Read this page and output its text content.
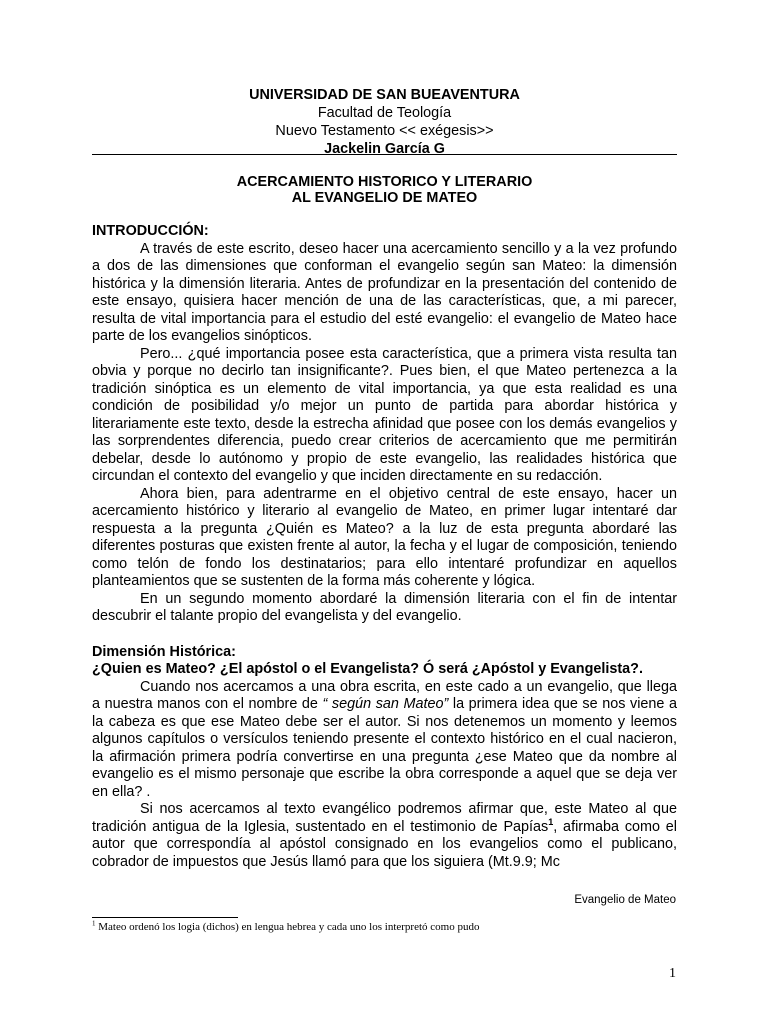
UNIVERSIDAD DE SAN BUEAVENTURA
Facultad de Teología
Nuevo Testamento << exégesis>>
Jackelin García G
ACERCAMIENTO HISTORICO Y LITERARIO
AL EVANGELIO DE MATEO
INTRODUCCIÓN:

A través de este escrito, deseo hacer una acercamiento sencillo y a la vez profundo a dos de las dimensiones que conforman el evangelio según san Mateo: la dimensión histórica y la dimensión literaria. Antes de profundizar en la presentación del contenido de este ensayo, quisiera hacer mención de una de las características, que, a mi parecer, resulta de vital importancia para el estudio del esté evangelio: el evangelio de Mateo hace parte de los evangelios sinópticos.

Pero... ¿qué importancia posee esta característica, que a primera vista resulta tan obvia y porque no decirlo tan insignificante?. Pues bien, el que Mateo pertenezca a la tradición sinóptica es un elemento de vital importancia, ya que esta realidad es una condición de posibilidad y/o mejor un punto de partida para abordar histórica y literariamente este texto, desde la estrecha afinidad que posee con los demás evangelios y las sorprendentes diferencia, puedo crear criterios de acercamiento que me permitirán debelar, desde lo autónomo y propio de este evangelio, las realidades histórica que circundan el contexto del evangelio y que inciden directamente en su redacción.

Ahora bien, para adentrarme en el objetivo central de este ensayo, hacer un acercamiento histórico y literario al evangelio de Mateo, en primer lugar intentaré dar respuesta a la pregunta ¿Quién es Mateo? a la luz de esta pregunta abordaré las diferentes posturas que existen frente al autor, la fecha y el lugar de composición, teniendo como telón de fondo los destinatarios; para ello intentaré profundizar en aquellos planteamientos que se sustenten de la forma más coherente y lógica.

En un segundo momento abordaré la dimensión literaria con el fin de intentar descubrir el talante propio del evangelista y del evangelio.

Dimensión Histórica:
¿Quien es Mateo? ¿El apóstol o el Evangelista? Ó será ¿Apóstol y Evangelista?.

Cuando nos acercamos a una obra escrita, en este cado a un evangelio, que llega a nuestra manos con el nombre de “ según san Mateo” la primera idea que se nos viene a la cabeza es que ese Mateo debe ser el autor. Si nos detenemos un momento y leemos algunos capítulos o versículos teniendo presente el contexto histórico en el cual nacieron, la afirmación primera podría convertirse en una pregunta ¿ese Mateo que da nombre al evangelio es el mismo personaje que escribe la obra corresponde a aquel que se deja ver en ella? .

Si nos acercamos al texto evangélico podremos afirmar que, este Mateo al que tradición antigua de la Iglesia, sustentado en el testimonio de Papías$^1$, afirmaba como el autor que correspondía al apóstol consignado en los evangelios como el publicano, cobrador de impuestos que Jesús llamó para que los siguiera (Mt.9.9; Mc

Evangelio de Mateo
$^1$ Mateo ordenó los logia (dichos) en lengua hebrea y cada uno los interpretó como pudo
1
